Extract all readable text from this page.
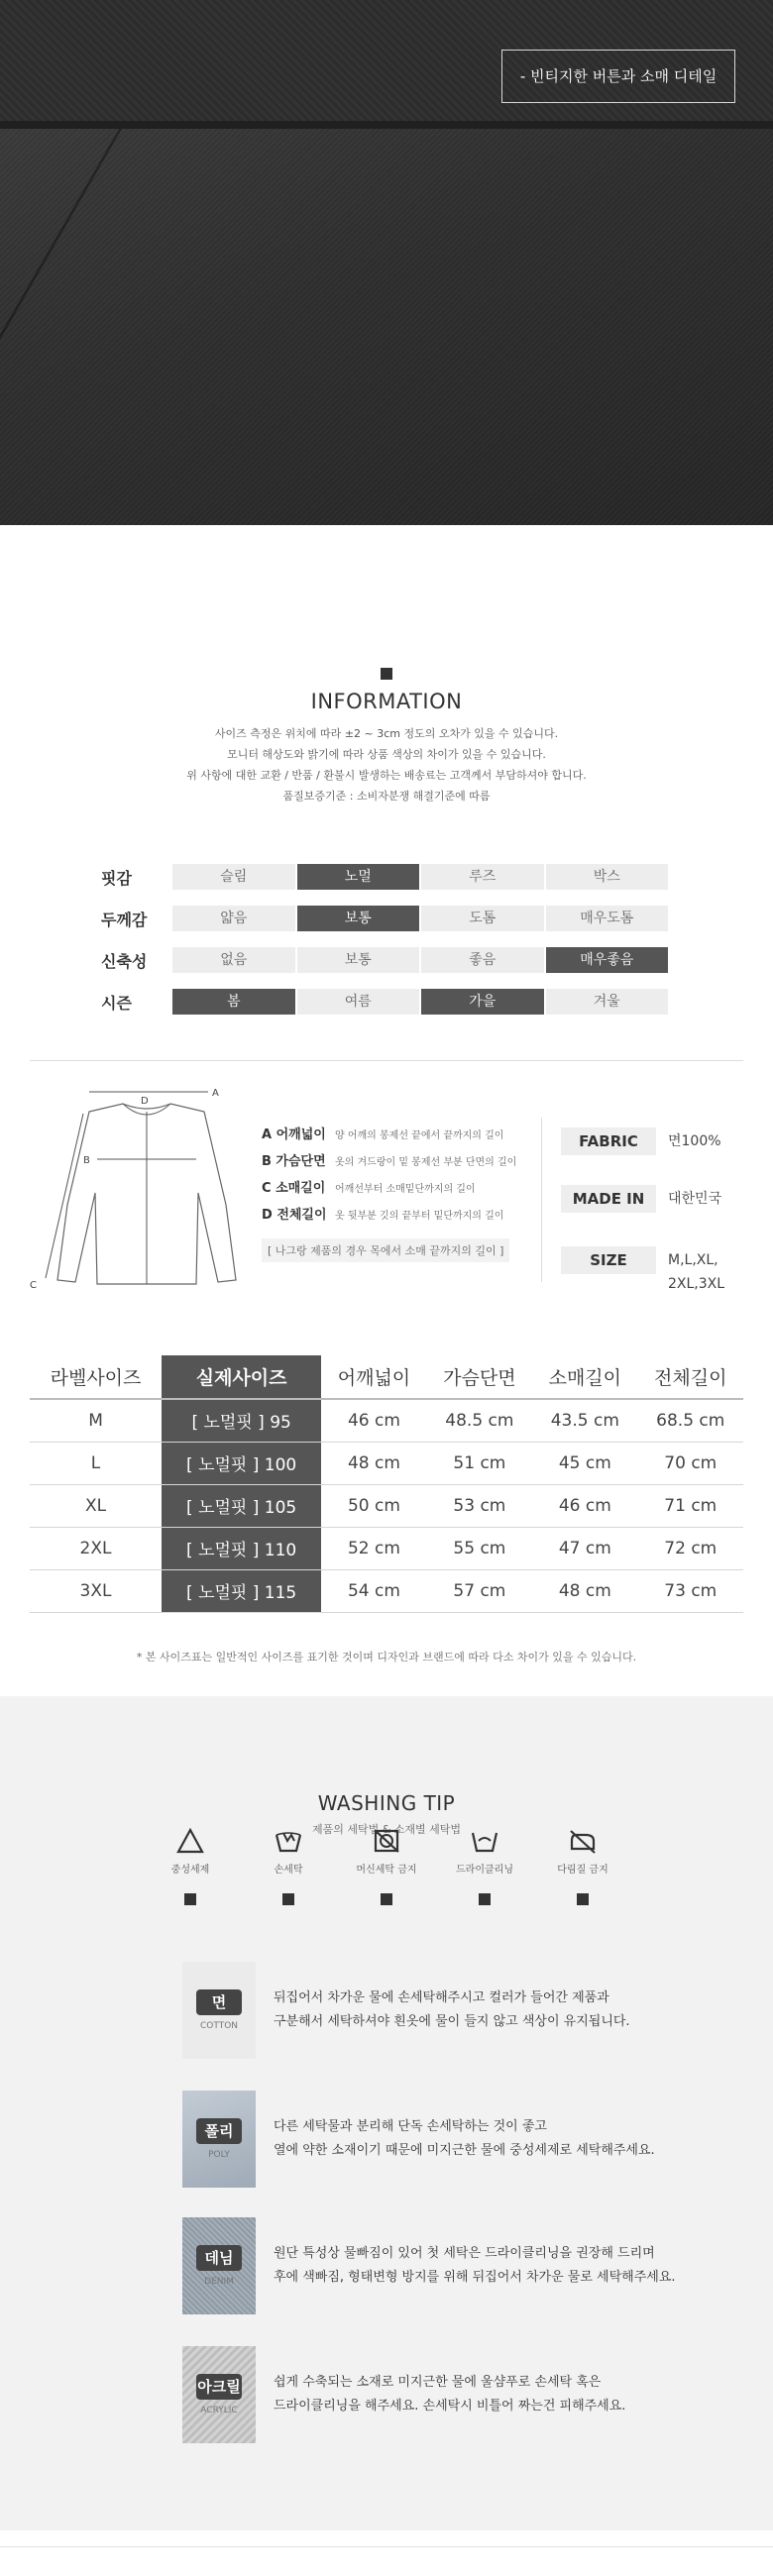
- 빈티지한 버튼과 소매 디테일
INFORMATION
사이즈 측정은 위치에 따라 ±2 ~ 3cm 정도의 오차가 있을 수 있습니다.
모니터 해상도와 밝기에 따라 상품 색상의 차이가 있을 수 있습니다.
위 사항에 대한 교환 / 반품 / 환불시 발생하는 배송료는 고객께서 부담하셔야 합니다.
품질보증기준 : 소비자분쟁 해결기준에 따름
핏감	슬림	노멀	루즈	박스
두께감	얇음	보통	도톰	매우도톰
신축성	없음	보통	좋음	매우좋음
시즌	봄	여름	가을	겨울
A
B
D
C
A 어깨넓이 양 어깨의 봉제선 끝에서 끝까지의 길이
B 가슴단면 옷의 겨드랑이 밑 봉제선 부분 단면의 길이
C 소매길이 어깨선부터 소매밑단까지의 길이
D 전체길이 옷 뒷부분 깃의 끝부터 밑단까지의 길이
[ 나그랑 제품의 경우 목에서 소매 끝까지의 길이 ]
FABRIC	면100%
MADE IN	대한민국
SIZE	M,L,XL,
2XL,3XL
라벨사이즈	실제사이즈	어깨넓이	가슴단면	소매길이	전체길이
M	[ 노멀핏 ] 95	46 cm	48.5 cm	43.5 cm	68.5 cm
L	[ 노멀핏 ] 100	48 cm	51 cm	45 cm	70 cm
XL	[ 노멀핏 ] 105	50 cm	53 cm	46 cm	71 cm
2XL	[ 노멀핏 ] 110	52 cm	55 cm	47 cm	72 cm
3XL	[ 노멀핏 ] 115	54 cm	57 cm	48 cm	73 cm
* 본 사이즈표는 일반적인 사이즈를 표기한 것이며 디자인과 브랜드에 따라 다소 차이가 있을 수 있습니다.
WASHING TIP
제품의 세탁법 & 소재별 세탁법
중성세제	손세탁	머신세탁 금지	드라이클리닝	다림질 금지
면
COTTON
뒤집어서 차가운 물에 손세탁해주시고 컬러가 들어간 제품과
구분해서 세탁하셔야 흰옷에 물이 들지 않고 색상이 유지됩니다.
폴리
POLY
다른 세탁물과 분리해 단독 손세탁하는 것이 좋고
열에 약한 소재이기 때문에 미지근한 물에 중성세제로 세탁해주세요.
데님
DENIM
원단 특성상 물빠짐이 있어 첫 세탁은 드라이클리닝을 권장해 드리며
후에 색빠짐, 형태변형 방지를 위해 뒤집어서 차가운 물로 세탁해주세요.
아크릴
ACRYLIC
쉽게 수축되는 소재로 미지근한 물에 울샴푸로 손세탁 혹은
드라이클리닝을 해주세요. 손세탁시 비틀어 짜는건 피해주세요.
